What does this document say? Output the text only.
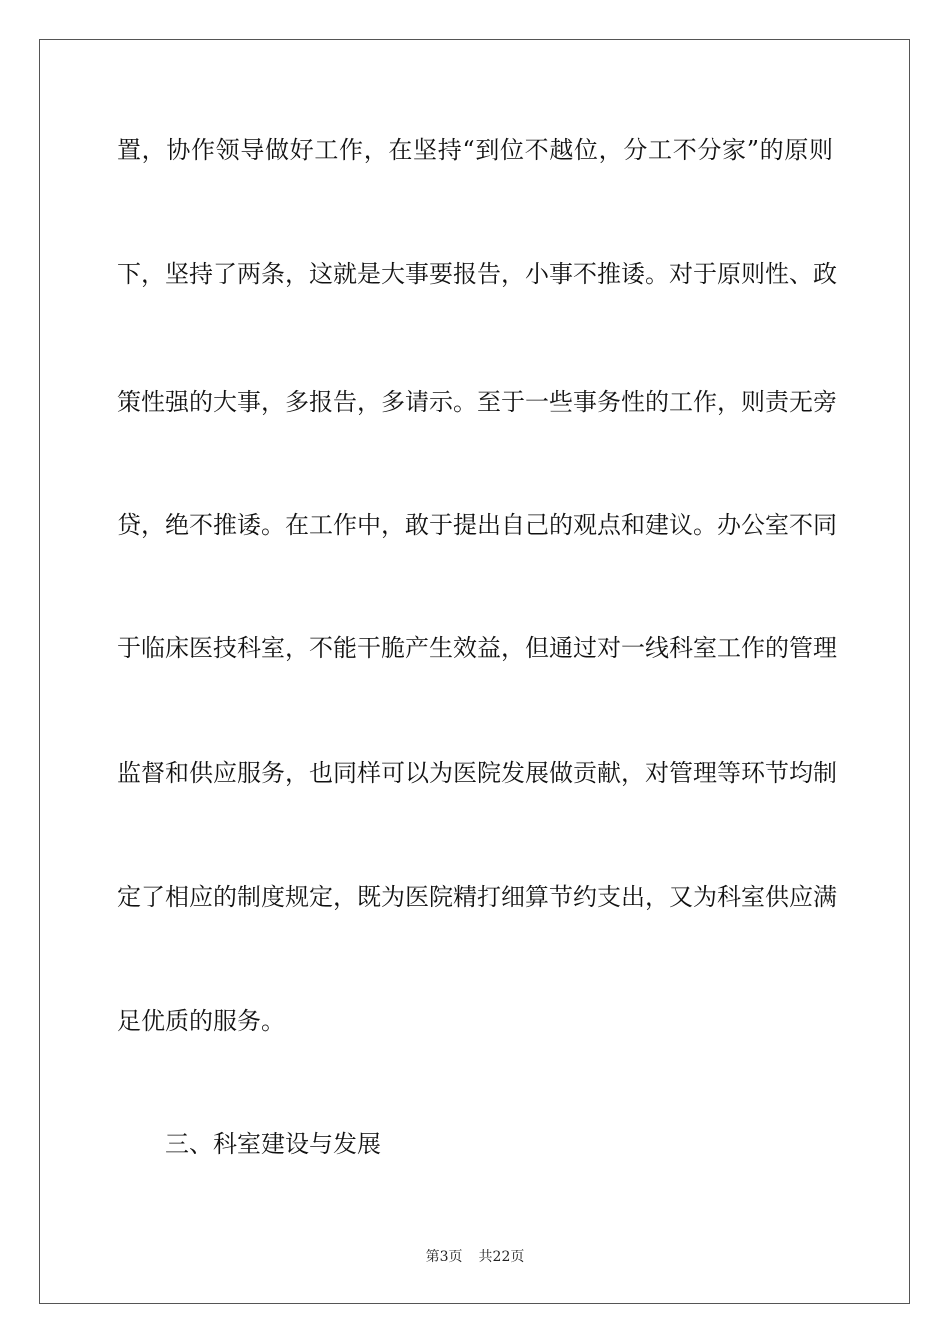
置，协作领导做好工作，在坚持“到位不越位，分工不分家”的原则
下，坚持了两条，这就是大事要报告，小事不推诿。对于原则性、政
策性强的大事，多报告，多请示。至于一些事务性的工作，则责无旁
贷，绝不推诿。在工作中，敢于提出自己的观点和建议。办公室不同
于临床医技科室，不能干脆产生效益，但通过对一线科室工作的管理
监督和供应服务，也同样可以为医院发展做贡献，对管理等环节均制
定了相应的制度规定，既为医院精打细算节约支出，又为科室供应满
足优质的服务。
三、科室建设与发展
第3页 共22页
